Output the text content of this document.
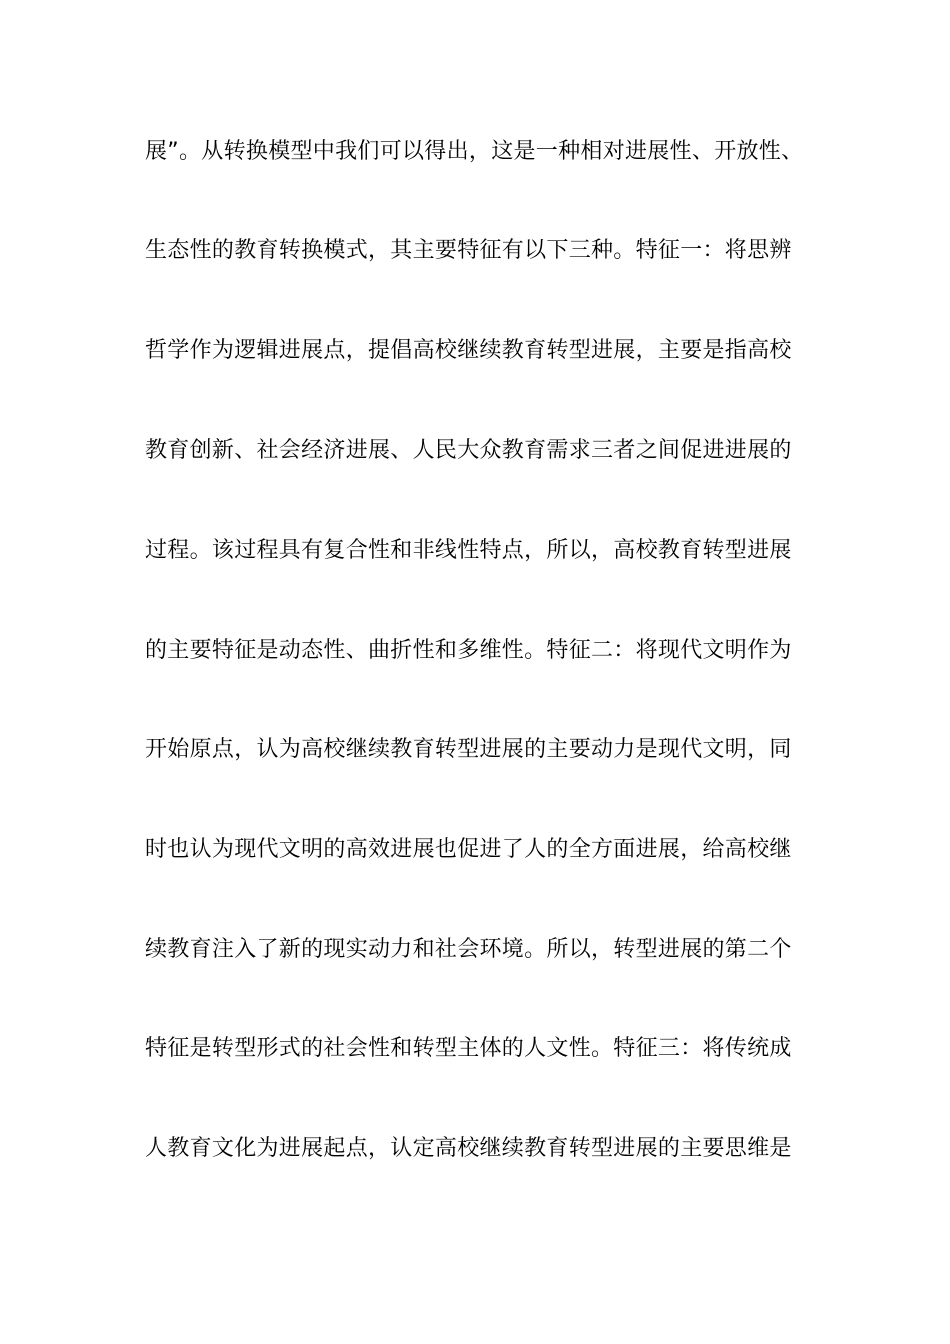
展”。从转换模型中我们可以得出，这是一种相对进展性、开放性、
生态性的教育转换模式，其主要特征有以下三种。特征一：将思辨
哲学作为逻辑进展点，提倡高校继续教育转型进展，主要是指高校
教育创新、社会经济进展、人民大众教育需求三者之间促进进展的
过程。该过程具有复合性和非线性特点，所以，高校教育转型进展
的主要特征是动态性、曲折性和多维性。特征二：将现代文明作为
开始原点，认为高校继续教育转型进展的主要动力是现代文明，同
时也认为现代文明的高效进展也促进了人的全方面进展，给高校继
续教育注入了新的现实动力和社会环境。所以，转型进展的第二个
特征是转型形式的社会性和转型主体的人文性。特征三：将传统成
人教育文化为进展起点，认定高校继续教育转型进展的主要思维是
